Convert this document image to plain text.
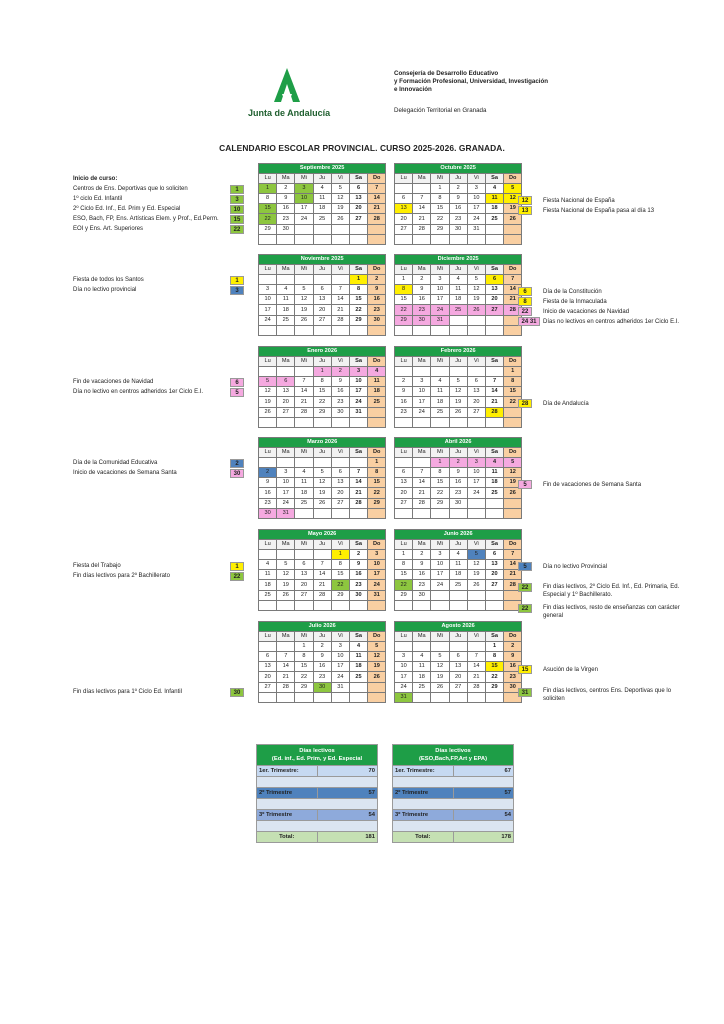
Junta de Andalucía
Consejería de Desarrollo Educativo
y Formación Profesional, Universidad, Investigación
e Innovación
Delegación Territorial en Granada
CALENDARIO ESCOLAR PROVINCIAL. CURSO 2025-2026. GRANADA.
Septiembre 2025						
Lu	Ma	Mi	Ju	Vi	Sa	Do
1	2	3	4	5	6	7
8	9	10	11	12	13	14
15	16	17	18	19	20	21
22	23	24	25	26	27	28
29	30					

Octubre 2025						
Lu	Ma	Mi	Ju	Vi	Sa	Do
		1	2	3	4	5
6	7	8	9	10	11	12
13	14	15	16	17	18	19
20	21	22	23	24	25	26
27	28	29	30	31		

Noviembre 2025						
Lu	Ma	Mi	Ju	Vi	Sa	Do
					1	2
3	4	5	6	7	8	9
10	11	12	13	14	15	16
17	18	19	20	21	22	23
24	25	26	27	28	29	30

Diciembre 2025						
Lu	Ma	Mi	Ju	Vi	Sa	Do
1	2	3	4	5	6	7
8	9	10	11	12	13	14
15	16	17	18	19	20	21
22	23	24	25	26	27	28
29	30	31				

Enero 2026						
Lu	Ma	Mi	Ju	Vi	Sa	Do
			1	2	3	4
5	6	7	8	9	10	11
12	13	14	15	16	17	18
19	20	21	22	23	24	25
26	27	28	29	30	31	

Febrero 2026						
Lu	Ma	Mi	Ju	Vi	Sa	Do
						1
2	3	4	5	6	7	8
9	10	11	12	13	14	15
16	17	18	19	20	21	22
23	24	25	26	27	28	

Marzo 2026						
Lu	Ma	Mi	Ju	Vi	Sa	Do
						1
2	3	4	5	6	7	8
9	10	11	12	13	14	15
16	17	18	19	20	21	22
23	24	25	26	27	28	29
30	31					
Abril 2026						
Lu	Ma	Mi	Ju	Vi	Sa	Do
		1	2	3	4	5
6	7	8	9	10	11	12
13	14	15	16	17	18	19
20	21	22	23	24	25	26
27	28	29	30			

Mayo 2026						
Lu	Ma	Mi	Ju	Vi	Sa	Do
				1	2	3
4	5	6	7	8	9	10
11	12	13	14	15	16	17
18	19	20	21	22	23	24
25	26	27	28	29	30	31

Junio 2026						
Lu	Ma	Mi	Ju	Vi	Sa	Do
1	2	3	4	5	6	7
8	9	10	11	12	13	14
15	16	17	18	19	20	21
22	23	24	25	26	27	28
29	30					

Julio 2026						
Lu	Ma	Mi	Ju	Vi	Sa	Do
		1	2	3	4	5
6	7	8	9	10	11	12
13	14	15	16	17	18	19
20	21	22	23	24	25	26
27	28	29	30	31		

Agosto 2026						
Lu	Ma	Mi	Ju	Vi	Sa	Do
					1	2
3	4	5	6	7	8	9
10	11	12	13	14	15	16
17	18	19	20	21	22	23
24	25	26	27	28	29	30
31						
Inicio de curso:
Centros de Ens. Deportivas que lo soliciten	1
1º ciclo Ed. Infantil	3
2º Ciclo Ed. Inf., Ed. Prim y Ed. Especial	10
ESO, Bach, FP, Ens. Artísticas Elem. y Prof., Ed.Perm.	15
EOI y Ens. Art. Superiores	22
Fiesta de todos los Santos	1
Día no lectivo provincial	3
Fin de vacaciones de Navidad	6
Día no lectivo en centros adheridos 1er Ciclo E.I.	5
Día de la Comunidad Educativa	2
Inicio de vacaciones de Semana Santa	30
Fiesta del Trabajo	1
Fin días lectivos para 2º Bachillerato	22
Fin días lectivos para 1º Ciclo Ed. Infantil	30
12	Fiesta Nacional de España
13	Fiesta Nacional de España pasa al día 13
6	Día de la Constitución
8	Fiesta de la Inmaculada
22	Inicio de vacaciones de Navidad
24 31	Días no lectivos en centros adheridos 1er Ciclo E.I.
28	Día de Andalucía
5	Fin de vacaciones de Semana Santa
5	Día no lectivo Provincial
22	Fin días lectivos, 2º Ciclo Ed. Inf., Ed. Primaria, Ed. Especial y 1º Bachillerato.
22	Fin días lectivos, resto de enseñanzas con carácter general
15	Asución de la Virgen
31	Fin días lectivos, centros Ens. Deportivas que lo soliciten
Días lectivos
(Ed. inf., Ed. Prim, y Ed. Especial	

1er. Trimestre:	70

2º Trimestre	57

3º Trimestre	54

Total:	181
Días lectivos
(ESO,Bach,FP,Art y EPA)	

1er. Trimestre:	67

2º Trimestre	57

3º Trimestre	54

Total:	178
